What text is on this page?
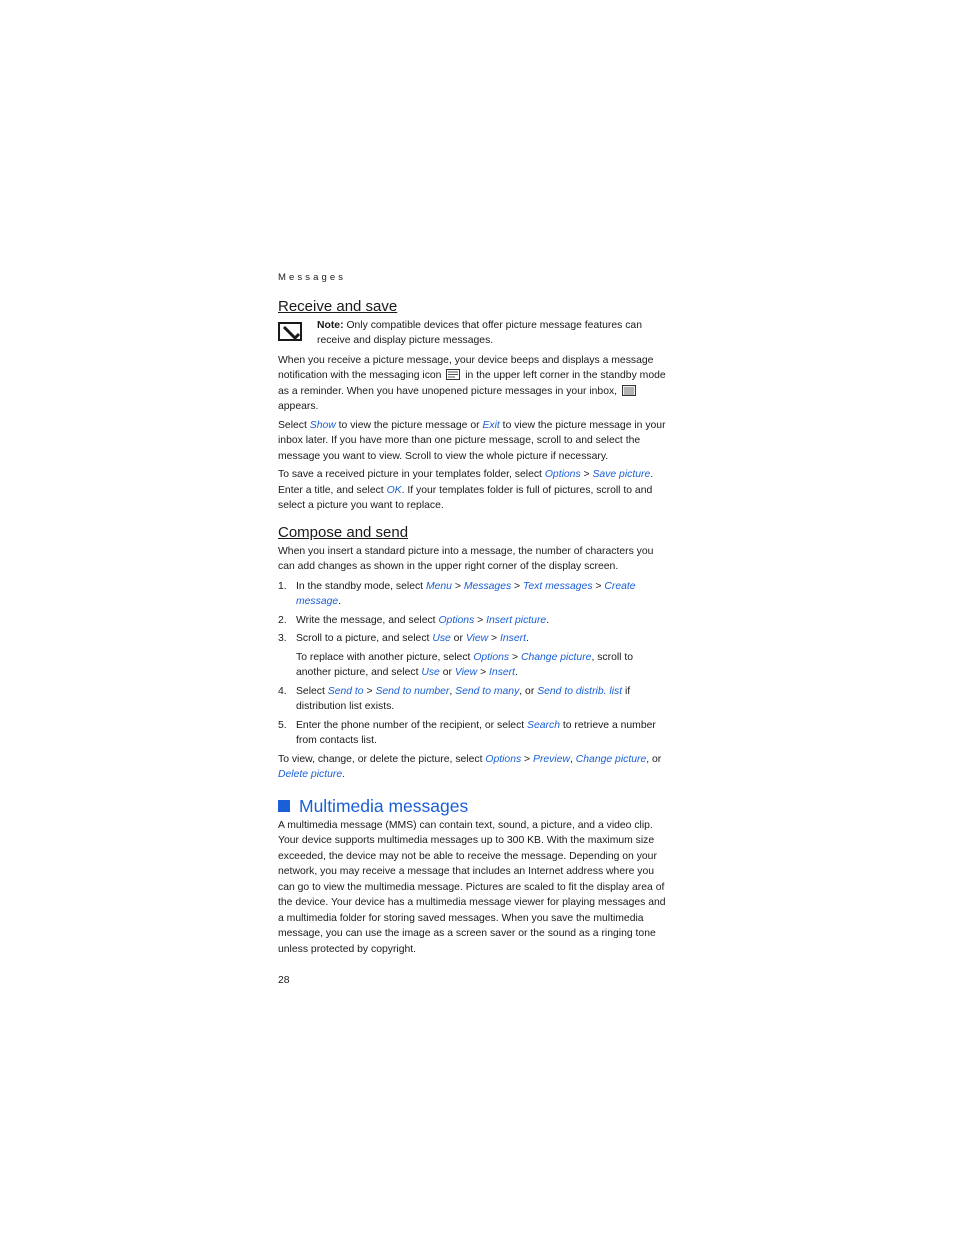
Messages
Receive and save
Note: Only compatible devices that offer picture message features can receive and display picture messages.

When you receive a picture message, your device beeps and displays a message notification with the messaging icon  in the upper left corner in the standby mode as a reminder. When you have unopened picture messages in your inbox,  appears.

Select Show to view the picture message or Exit to view the picture message in your inbox later. If you have more than one picture message, scroll to and select the message you want to view. Scroll to view the whole picture if necessary.

To save a received picture in your templates folder, select Options > Save picture. Enter a title, and select OK. If your templates folder is full of pictures, scroll to and select a picture you want to replace.

Compose and send

When you insert a standard picture into a message, the number of characters you can add changes as shown in the upper right corner of the display screen.

1. In the standby mode, select Menu > Messages > Text messages > Create message.
2. Write the message, and select Options > Insert picture.
3. Scroll to a picture, and select Use or View > Insert.

To replace with another picture, select Options > Change picture, scroll to another picture, and select Use or View > Insert.

4. Select Send to > Send to number, Send to many, or Send to distrib. list if distribution list exists.
5. Enter the phone number of the recipient, or select Search to retrieve a number from contacts list.

To view, change, or delete the picture, select Options > Preview, Change picture, or Delete picture.

Multimedia messages

A multimedia message (MMS) can contain text, sound, a picture, and a video clip. Your device supports multimedia messages up to 300 KB. With the maximum size exceeded, the device may not be able to receive the message. Depending on your network, you may receive a message that includes an Internet address where you can go to view the multimedia message. Pictures are scaled to fit the display area of the device. Your device has a multimedia message viewer for playing messages and a multimedia folder for storing saved messages. When you save the multimedia message, you can use the image as a screen saver or the sound as a ringing tone unless protected by copyright.

28
